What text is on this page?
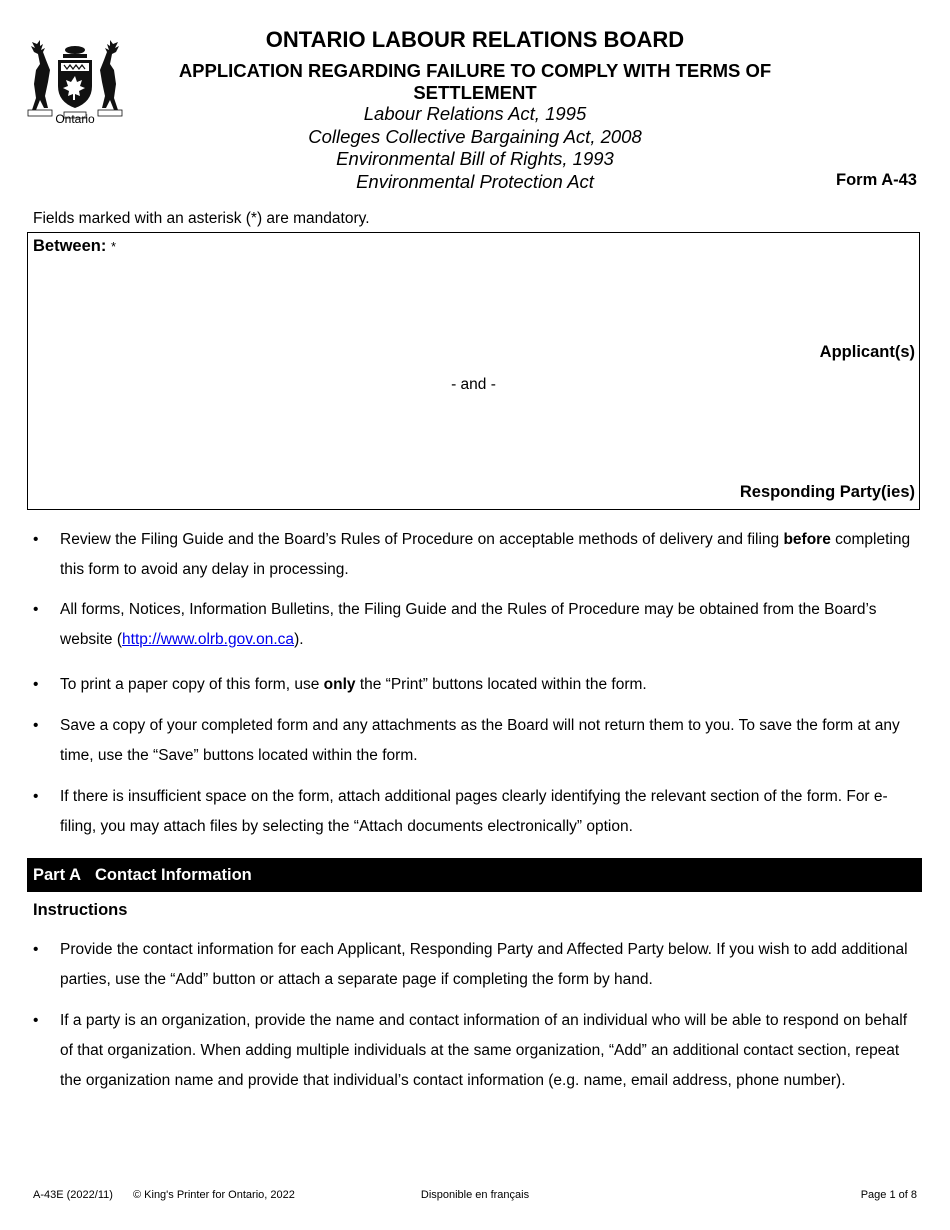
Ontario
ONTARIO LABOUR RELATIONS BOARD
APPLICATION REGARDING FAILURE TO COMPLY WITH TERMS OF SETTLEMENT
Labour Relations Act, 1995
Colleges Collective Bargaining Act, 2008
Environmental Bill of Rights, 1993
Environmental Protection Act	Form A-43
Fields marked with an asterisk (*) are mandatory.
Between: *
Applicant(s)
- and -
Responding Party(ies)
• Review the Filing Guide and the Board’s Rules of Procedure on acceptable methods of delivery and filing before completing this form to avoid any delay in processing.
• All forms, Notices, Information Bulletins, the Filing Guide and the Rules of Procedure may be obtained from the Board’s website (http://www.olrb.gov.on.ca).
• To print a paper copy of this form, use only the “Print” buttons located within the form.
• Save a copy of your completed form and any attachments as the Board will not return them to you. To save the form at any time, use the “Save” buttons located within the form.
• If there is insufficient space on the form, attach additional pages clearly identifying the relevant section of the form. For e-filing, you may attach files by selecting the “Attach documents electronically” option.
Part A Contact Information
Instructions
• Provide the contact information for each Applicant, Responding Party and Affected Party below. If you wish to add additional parties, use the “Add” button or attach a separate page if completing the form by hand.
• If a party is an organization, provide the name and contact information of an individual who will be able to respond on behalf of that organization. When adding multiple individuals at the same organization, “Add” an additional contact section, repeat the organization name and provide that individual’s contact information (e.g. name, email address, phone number).
Disponible en français
A-43E (2022/11) © King's Printer for Ontario, 2022	Page 1 of 8
